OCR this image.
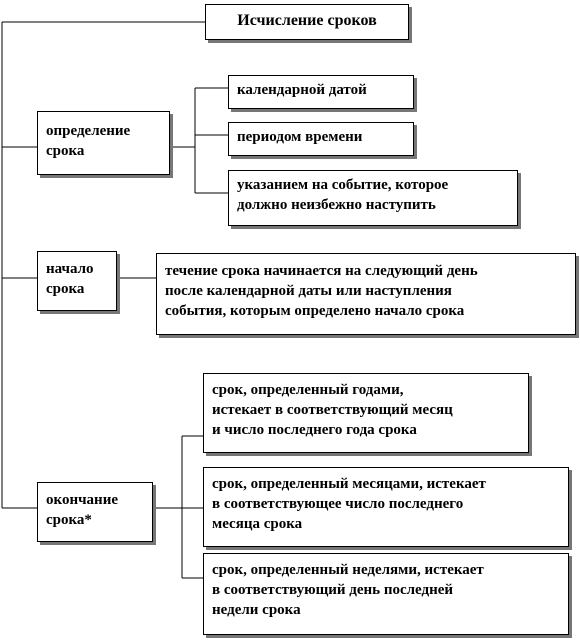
Исчисление сроков
определение
срока
календарной датой
периодом времени
указанием на событие, которое
должно неизбежно наступить
начало
срока
течение срока начинается на следующий день
после календарной даты или наступления
события, которым определено начало срока
окончание
срока*
срок, определенный годами,
истекает в соответствующий месяц
и число последнего года срока
срок, определенный месяцами, истекает
в соответствующее число последнего
месяца срока
срок, определенный неделями, истекает
в соответствующий день последней
недели срока
